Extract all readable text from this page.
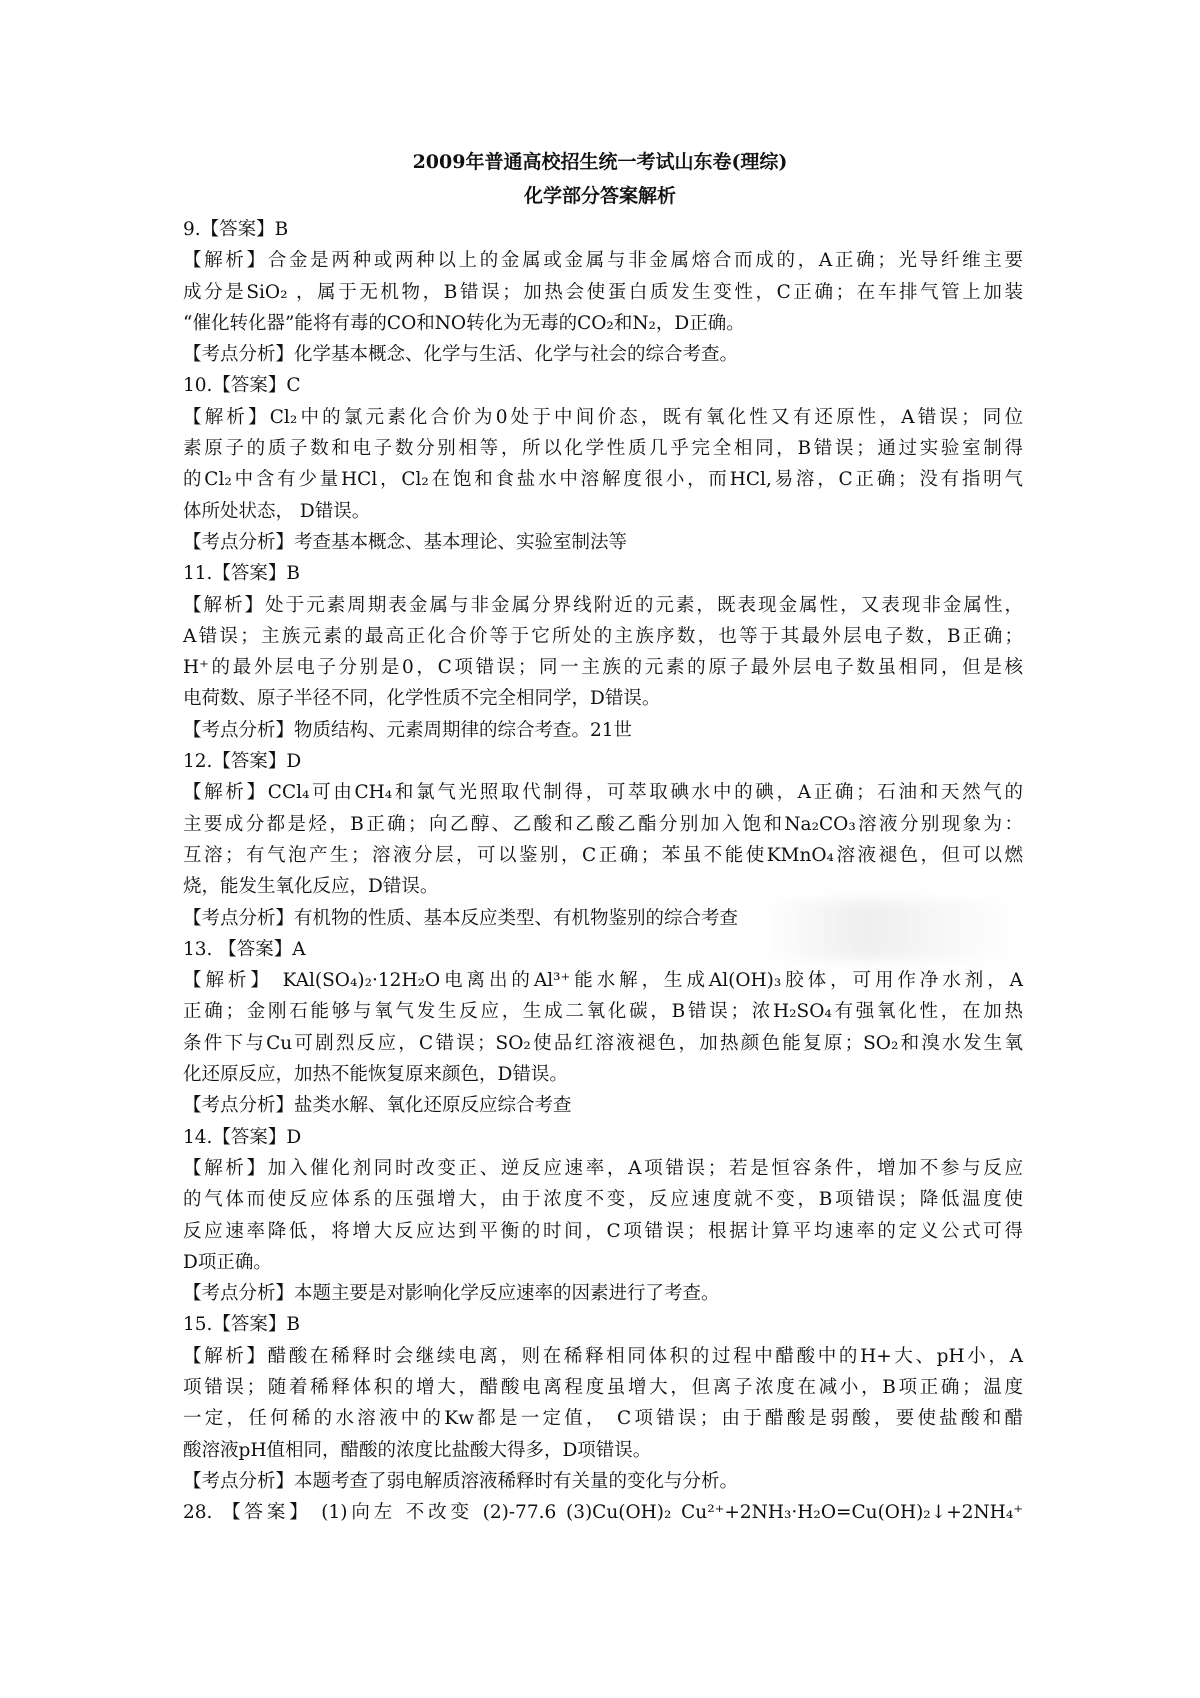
2009年普通高校招生统一考试山东卷(理综)

化学部分答案解析

9.【答案】B
【解析】合金是两种或两种以上的金属或金属与非金属熔合而成的，A正确；光导纤维主要
成分是SiO₂ ，属于无机物，B错误；加热会使蛋白质发生变性，C正确；在车排气管上加装
“催化转化器”能将有毒的CO和NO转化为无毒的CO₂和N₂，D正确。
【考点分析】化学基本概念、化学与生活、化学与社会的综合考查。
10.【答案】C
【解析】Cl₂中的氯元素化合价为0处于中间价态，既有氧化性又有还原性，A错误；同位
素原子的质子数和电子数分别相等，所以化学性质几乎完全相同，B错误；通过实验室制得
的Cl₂中含有少量HCl，Cl₂在饱和食盐水中溶解度很小，而HCl,易溶，C正确；没有指明气
体所处状态， D错误。
【考点分析】考查基本概念、基本理论、实验室制法等
11.【答案】B
【解析】处于元素周期表金属与非金属分界线附近的元素，既表现金属性，又表现非金属性，
A错误；主族元素的最高正化合价等于它所处的主族序数，也等于其最外层电子数，B正确；
H⁺的最外层电子分别是0，C项错误；同一主族的元素的原子最外层电子数虽相同，但是核
电荷数、原子半径不同，化学性质不完全相同学，D错误。
【考点分析】物质结构、元素周期律的综合考查。21世
12.【答案】D
【解析】CCl₄可由CH₄和氯气光照取代制得，可萃取碘水中的碘，A正确；石油和天然气的
主要成分都是烃，B正确；向乙醇、乙酸和乙酸乙酯分别加入饱和Na₂CO₃溶液分别现象为：
互溶；有气泡产生；溶液分层，可以鉴别，C正确；苯虽不能使KMnO₄溶液褪色，但可以燃
烧，能发生氧化反应，D错误。
【考点分析】有机物的性质、基本反应类型、有机物鉴别的综合考查
13. 【答案】A
【解析】 KAl(SO₄)₂·12H₂O电离出的Al³⁺能水解，生成Al(OH)₃胶体，可用作净水剂，A
正确；金刚石能够与氧气发生反应，生成二氧化碳，B错误；浓H₂SO₄有强氧化性，在加热
条件下与Cu可剧烈反应，C错误；SO₂使品红溶液褪色，加热颜色能复原；SO₂和溴水发生氧
化还原反应，加热不能恢复原来颜色，D错误。
【考点分析】盐类水解、氧化还原反应综合考查
14.【答案】D
【解析】加入催化剂同时改变正、逆反应速率，A项错误；若是恒容条件，增加不参与反应
的气体而使反应体系的压强增大，由于浓度不变，反应速度就不变，B项错误；降低温度使
反应速率降低，将增大反应达到平衡的时间，C项错误；根据计算平均速率的定义公式可得
D项正确。
【考点分析】本题主要是对影响化学反应速率的因素进行了考查。
15.【答案】B
【解析】醋酸在稀释时会继续电离，则在稀释相同体积的过程中醋酸中的H+大、pH小，A
项错误；随着稀释体积的增大，醋酸电离程度虽增大，但离子浓度在减小，B项正确；温度
一定，任何稀的水溶液中的Kw都是一定值， C项错误；由于醋酸是弱酸，要使盐酸和醋
酸溶液pH值相同，醋酸的浓度比盐酸大得多，D项错误。
【考点分析】本题考查了弱电解质溶液稀释时有关量的变化与分析。
28. 【答案】 (1)向左 不改变 (2)-77.6 (3)Cu(OH)₂ Cu²⁺+2NH₃·H₂O=Cu(OH)₂↓+2NH₄⁺
